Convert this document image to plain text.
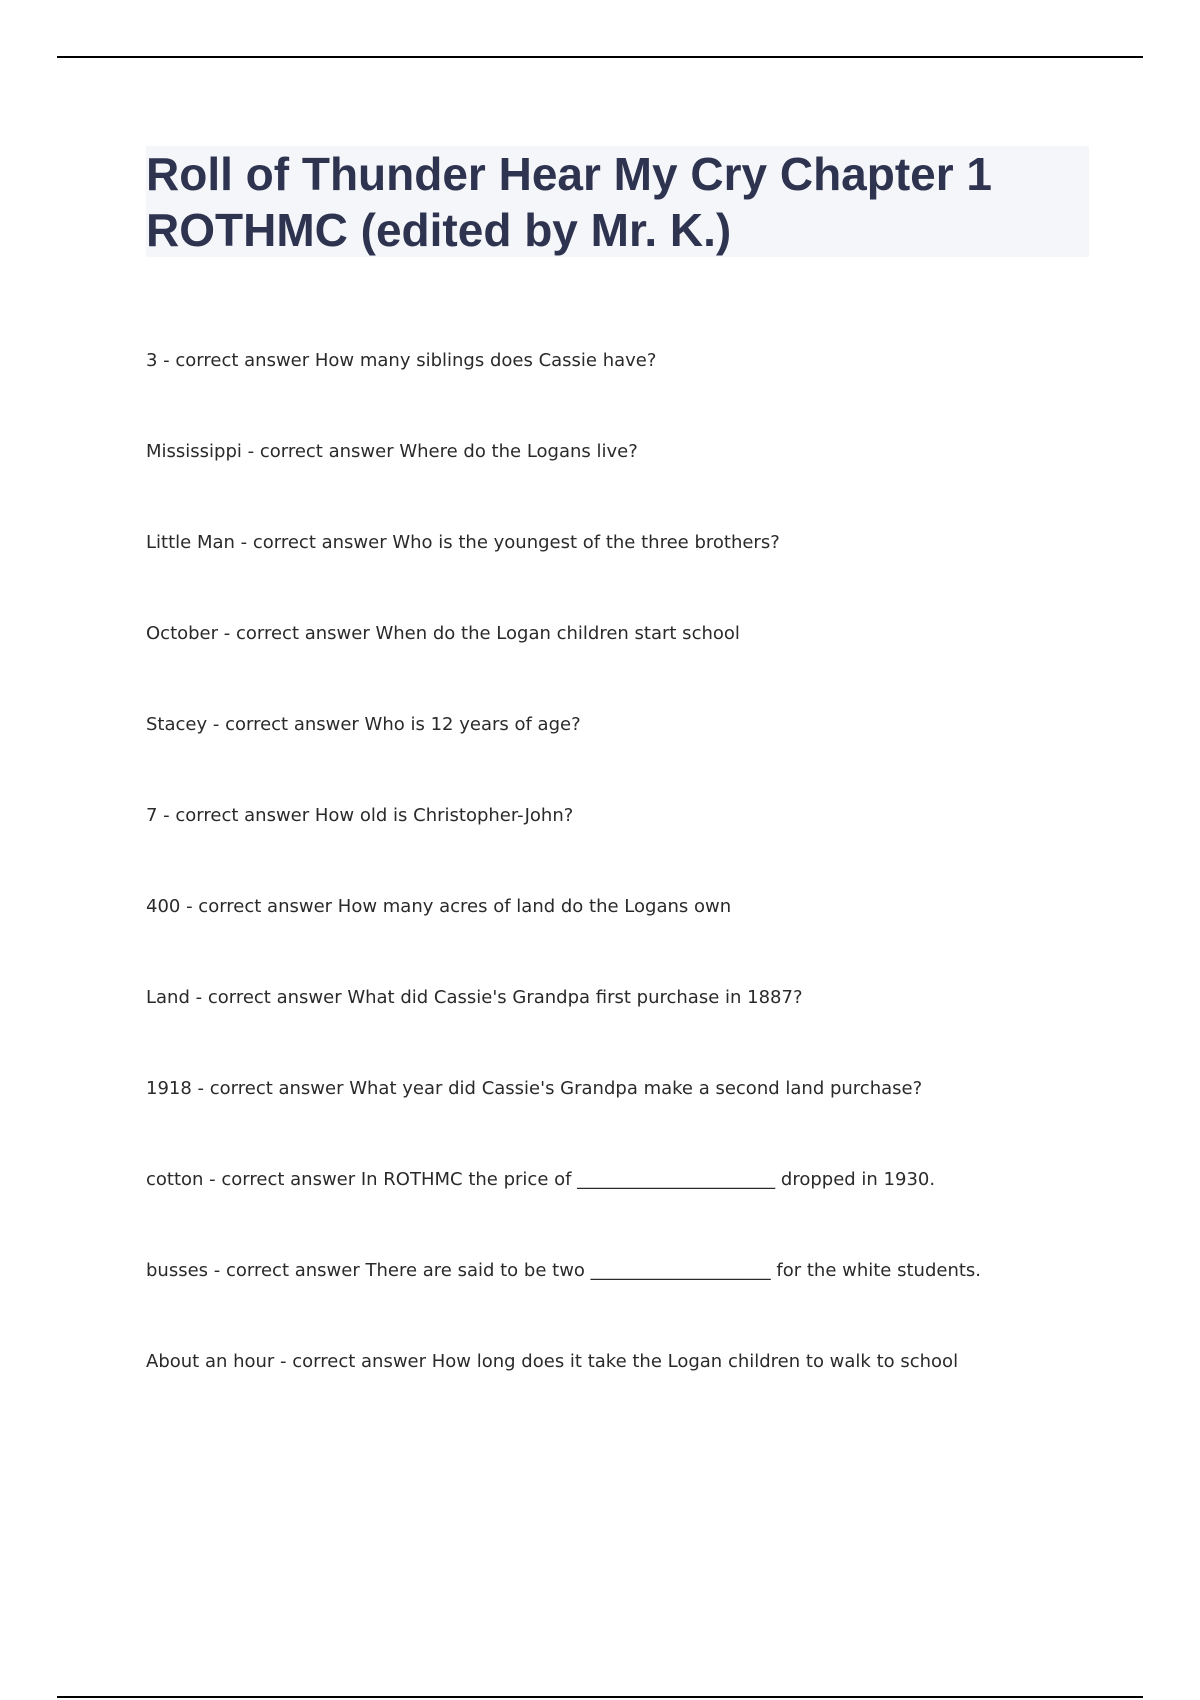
Roll of Thunder Hear My Cry Chapter 1 ROTHMC (edited by Mr. K.)
3 - correct answer How many siblings does Cassie have?
Mississippi - correct answer Where do the Logans live?
Little Man - correct answer Who is the youngest of the three brothers?
October - correct answer When do the Logan children start school
Stacey - correct answer Who is 12 years of age?
7 - correct answer How old is Christopher-John?
400 - correct answer How many acres of land do the Logans own
Land - correct answer What did Cassie's Grandpa first purchase in 1887?
1918 - correct answer What year did Cassie's Grandpa make a second land purchase?
cotton - correct answer In ROTHMC the price of ______________________ dropped in 1930.
busses - correct answer There are said to be two ____________________ for the white students.
About an hour - correct answer How long does it take the Logan children to walk to school
